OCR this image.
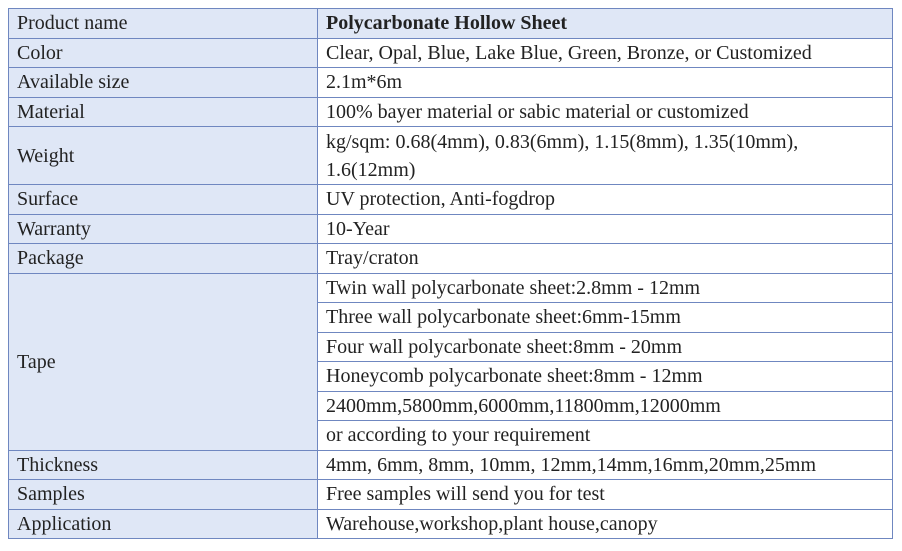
Product name	Polycarbonate Hollow Sheet
Color	Clear, Opal, Blue, Lake Blue, Green, Bronze, or Customized
Available size	2.1m*6m
Material	100% bayer material or sabic material or customized
Weight	kg/sqm: 0.68(4mm), 0.83(6mm), 1.15(8mm), 1.35(10mm), 1.6(12mm)
Surface	UV protection, Anti-fogdrop
Warranty	10-Year
Package	Tray/craton
Tape	Twin wall polycarbonate sheet:2.8mm - 12mm
	Three wall polycarbonate sheet:6mm-15mm
	Four wall polycarbonate sheet:8mm - 20mm
	Honeycomb polycarbonate sheet:8mm - 12mm
	2400mm,5800mm,6000mm,11800mm,12000mm
	or according to your requirement
Thickness	4mm, 6mm, 8mm, 10mm, 12mm,14mm,16mm,20mm,25mm
Samples	Free samples will send you for test
Application	Warehouse,workshop,plant house,canopy
